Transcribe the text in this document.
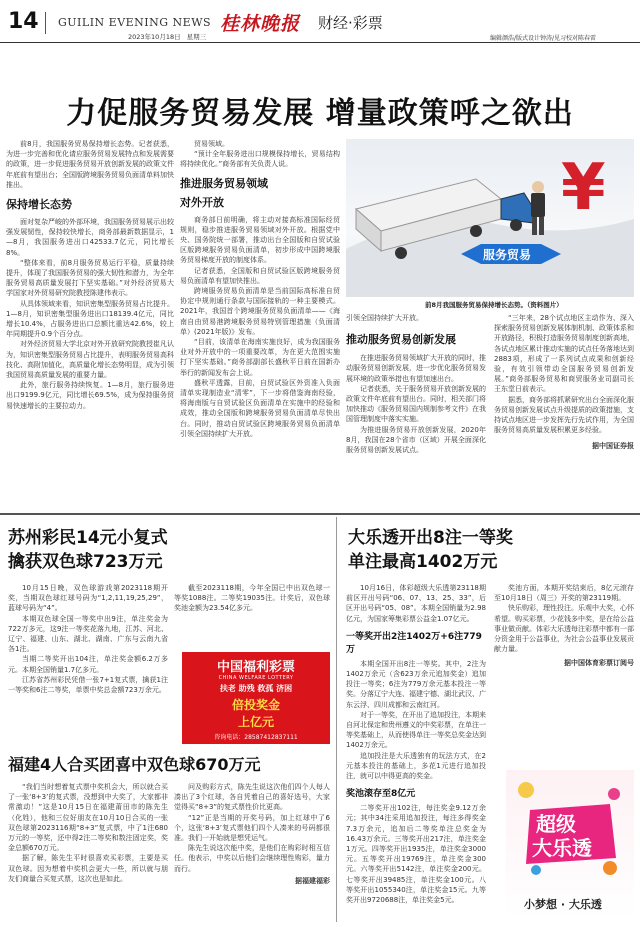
14 GUILIN EVENING NEWS
2023年10月18日 星期三
桂林晚报 财经·彩票
编辑颜浩/版式设计钟涛/见习校对陈春雷
力促服务贸易发展 增量政策呼之欲出

前8月，我国服务贸易保持增长态势。记者获悉，为进一步完善和优化请应服务贸易发展特点和发展需要的政策，进一步促进服务贸易开放创新发展的政策文件年底前有望出台；全国版跨境服务贸易负面清单料加快推出。

保持增长态势

面对复杂严峻的外部环境，我国服务贸易展示出较强发展韧性，保持较快增长，商务部最新数据显示，1—8月，我国服务进出口42533.7亿元，同比增长8%。

“整体来看，前8月服务贸易运行平稳，质量持续提升，体现了我国服务贸易的强大韧性和潜力，为全年服务贸易高质量发展打下坚实基础。”对外经济贸易大学国家对外贸易研究院教授陈建伟表示。

从具体领域来看，知识密集型服务贸易占比提升。1—8月，知识密集型服务进出口18139.4亿元，同比增长10.4%，占服务进出口总额比重达42.6%，较上年同期提升0.9个百分点。

对外经济贸易大学北京对外开放研究院教授崔凡认为，知识密集型服务贸易占比提升，表明服务贸易高科技化、高附加值化，高质量化增长态势明显，成为引领我国贸易高质量发展的重要力量。

此外，旅行服务持续恢复。1—8月，旅行服务进出口9199.9亿元，同比增长69.5%，成为保持服务贸易快速增长的主要拉动力。

贸易领域。

“预计全年服务进出口规模保持增长，贸易结构将持续优化。”商务部有关负责人说。

推进服务贸易领域对外开放

商务部日前明确，将主动对接高标准国际经贸规则，稳步推进服务贸易领域对外开放。根据党中央、国务院统一部署，推动出台全国版和自贸试验区版跨境服务贸易负面清单，初步形成中国跨境服务贸易梯度开放的制度体系。

记者获悉，全国版和自贸试验区版跨境服务贸易负面清单有望加快推出。

跨境服务贸易负面清单是当前国际高标准自贸协定中规则通行条款与国际接轨的一种主要模式。2021年，我国首个跨境服务贸易负面清单——《海南自由贸易港跨境服务贸易特别管理措施（负面清单）(2021年版)》发布。

“目前，该清单在海南实施良好，成为我国服务业对外开放中的一项重要改革，为在更大范围实施打下坚实基础。”商务部副部长盛秋平日前在国新办举行的新闻发布会上说。

盛秋平透露，目前，自贸试验区外资准入负面清单实现制造业“清零”，下一步将借鉴海南经验，将海南版与自贸试验区负面清单在实施中的经验和成效，推动全国版和跨境服务贸易负面清单尽快出台。同时，推动自贸试验区跨境服务贸易负面清单引领全国持续扩大开放。

¥
服务贸易
前8月我国服务贸易保持增长态势。（资料图片）

引领全国持续扩大开放。

推动服务贸易创新发展

在推进服务贸易领域扩大开放的同时，推动服务贸易创新发展，进一步优化服务贸易发展环境的政策举措也有望加速出台。

记者获悉，关于服务贸易开放创新发展的政策文件年底前有望出台。同时，相关部门将加快推动《服务贸易国内规制参考文件》在我国管理制度中落实实施。

为推进服务贸易开放创新发展，2020年8月，我国在28个省市（区域）开展全面深化服务贸易创新发展试点。

“三年来，28个试点地区主动作为、深入探索服务贸易创新发展体制机制、政策体系和开放路径，积极打造服务贸易制度创新高地，各试点地区累计推动实施的试点任务落地达到2883项，形成了一系列试点成果和创新经验，有效引领带动全国服务贸易创新发展。”商务部服务贸易和商贸服务业司副司长王东堂日前表示。

据悉，商务部将抓紧研究出台全面深化服务贸易创新发展试点升级提质的政策措施，支持试点地区进一步发挥先行先试作用，为全国服务贸易高质量发展积累更多经验。

据中国证券报
苏州彩民14元小复式
擒获双色球723万元

10月15日晚，双色球游戏第2023118期开奖，当期双色球红球号码为“1,2,11,19,25,29”，蓝球号码为“4”。

本期双色球全国一等奖中出9注，单注奖金为722万多元，这9注一等奖花落九地，江苏、河北、辽宁、福建、山东、湖北、湖南、广东与云南九省各1注。

当期二等奖开出104注，单注奖金额6.2万多元。本期全国销量1.7亿多元。

江苏省苏州彩民凭借一张7+1复式票，擒获1注一等奖和6注二等奖，单票中奖总金额723万余元。

截至2023118期，今年全国已中出双色球一等奖1088注。二等奖19035注。计奖后，双色球奖池金额为23.54亿多元。

中国福利彩票
CHINA WELFARE LOTTERY
扶老 助残 救孤 济困
倍投奖金
上亿元
咨询电话：28587412837111
福建4人合买团喜中双色球670万元

“我们当时想着复式票中奖机会大，所以就合买了一张‘8+3’的复式票，没想到中大奖了，大家都非常激动！”这是10月15日在福建莆田市的陈先生（化姓），他和三位好朋友在10月10日合买的一张双色球第2023116期“8+3”复式票，中了1注680万元的一等奖，还中得2注二等奖和数注固定奖，奖金总额670万元。

据了解，陈先生平时很喜欢买彩票，主要是买双色球。因为想着中奖机会更大一些，所以就与朋友们商量合买复式票，这次也是如此。

问及购彩方式，陈先生说这次他们四个人每人凑出了3个红球，各自凭着自己的喜好选号，大家觉得买“8+3”的复式票性价比更高。

“12”正是当期的开奖号码，加上红球中了6个，这张‘8+3’复式票他们四个人凑来的号码都很准。我们一开始就是想凭运气。

陈先生说这次能中奖，是他们在购彩时相互信任。他表示，中奖以后他们会继续理性购彩，量力而行。

据福建福彩
大乐透开出8注一等奖
单注最高1402万元

10月16日，体彩超级大乐透第23118期前区开出号码“06、07、13、25、33”，后区开出号码“05、08”。本期全国销量为2.98亿元，为国家筹集彩票公益金1.07亿元。

一等奖开出2注1402万+6注779万

本期全国开出8注一等奖。其中，2注为1402万余元（含623万余元追加奖金）追加投注一等奖；6注为779万余元基本投注一等奖。分落辽宁大连、福建宁德、湖北武汉、广东云浮、四川成都和云南红河。

对于一等奖，在开出了追加投注，本期来自河北保定和贵州遵义的中奖彩票，在单注一等奖基础上，从而使得单注一等奖总奖金达到1402万余元。

追加投注是大乐透独有的玩法方式，在2元基本投注的基础上，多花1元进行追加投注，就可以中得更高的奖金。

奖池滚存至8亿元

二等奖开出102注，每注奖金9.12万余元；其中34注采用追加投注，每注多得奖金7.3万余元，追加后二等奖单注总奖金为16.43万余元。三等奖开出217注，单注奖金1万元。四等奖开出1935注，单注奖金3000元。五等奖开出19769注，单注奖金300元。六等奖开出5142注，单注奖金200元。七等奖开出39485注，单注奖金100元。八等奖开出1055340注，单注奖金15元。九等奖开出9720688注，单注奖金5元。

奖池方面，本期开奖结束后，8亿元滚存至10月18日（周三）开奖的第23119期。

快乐购彩，理性投注。乐观中大奖，心怀希望。购买彩票，少花钱多中奖，是在给公益事业做贡献。体彩大乐透每注彩票中都有一部分资金用于公益事业，为社会公益事业发展贡献力量。

据中国体育彩票订阅号
超级
大乐透
小梦想 · 大乐透
